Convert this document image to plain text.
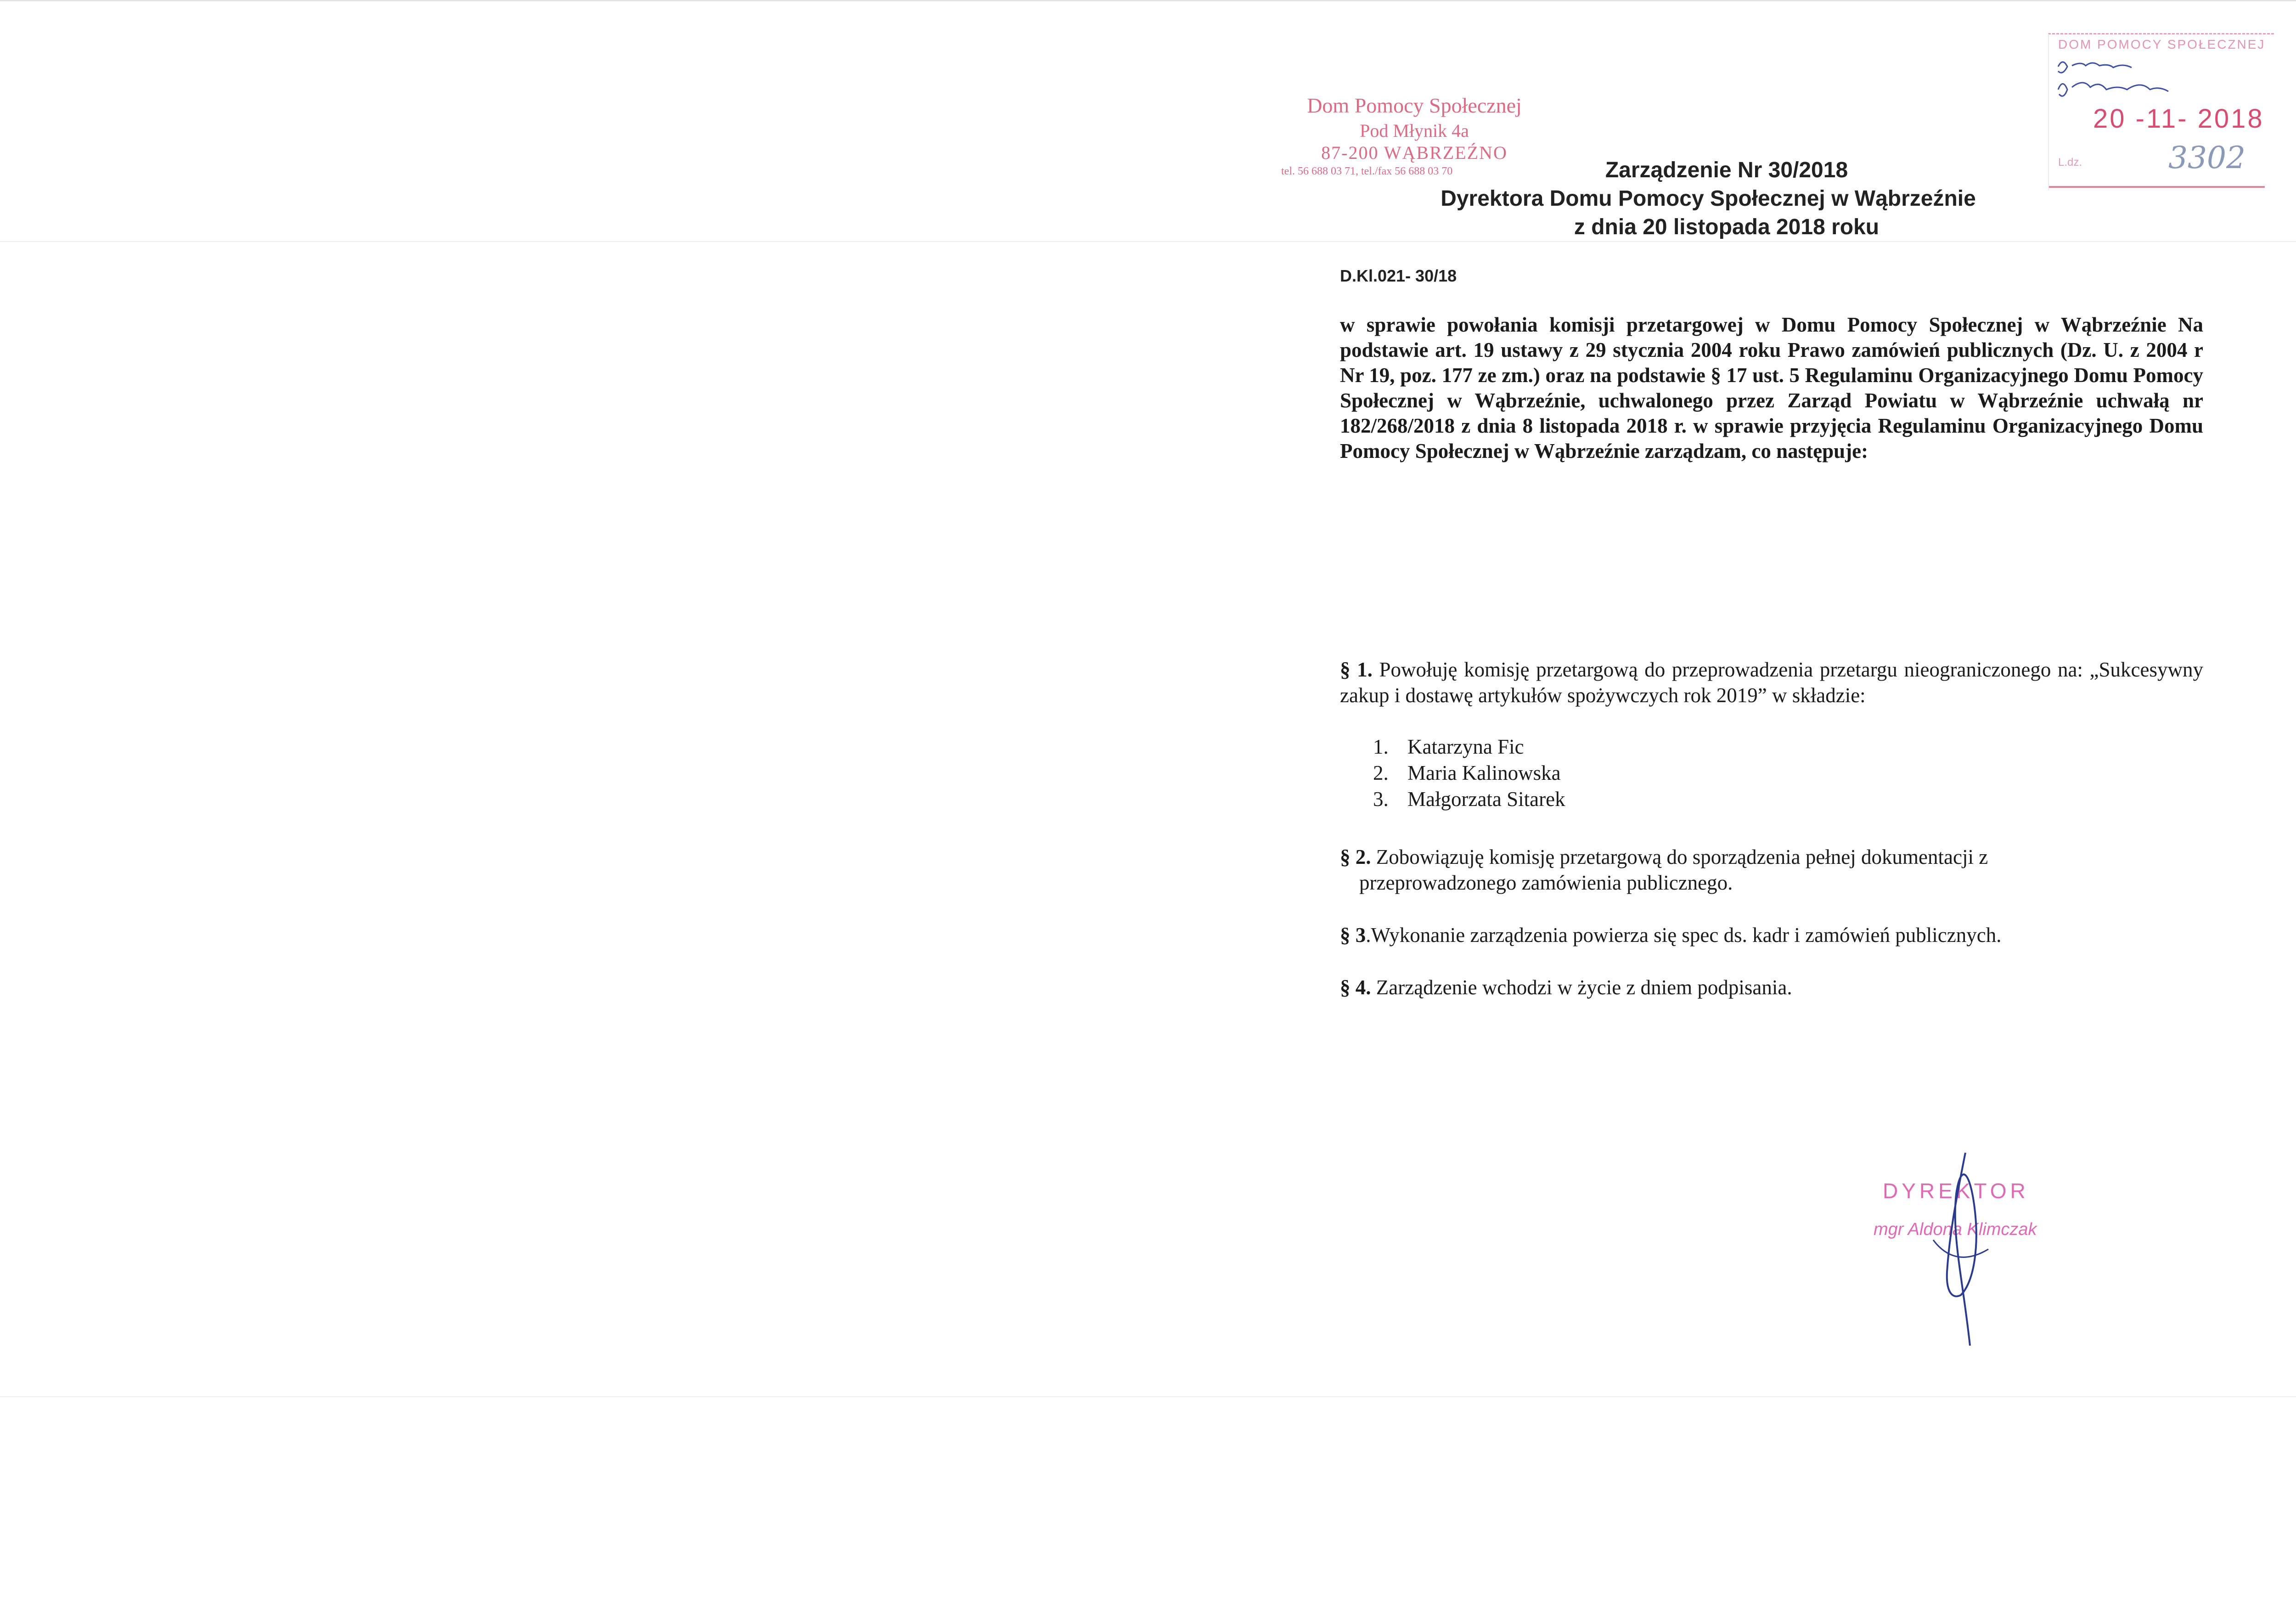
Dom Pomocy Społecznej
Pod Młynik 4a
87-200 WĄBRZEŹNO
tel. 56 688 03 71, tel./fax 56 688 03 70	Zarządzenie Nr 30/2018
Dyrektora Domu Pomocy Społecznej w Wąbrzeźnie
z dnia 20 listopada 2018 roku
DOM POMOCY SPOŁECZNEJ
20 -11- 2018
L.dz.	3302
D.Kl.021- 30/18
w sprawie powołania komisji przetargowej w Domu Pomocy Społecznej w Wąbrzeźnie Na podstawie art. 19 ustawy z 29 stycznia 2004 roku Prawo zamówień publicznych (Dz. U. z 2004 r Nr 19, poz. 177 ze zm.) oraz na podstawie § 17 ust. 5 Regulaminu Organizacyjnego Domu Pomocy Społecznej w Wąbrzeźnie, uchwalonego przez Zarząd Powiatu w Wąbrzeźnie uchwałą nr 182/268/2018 z dnia 8 listopada 2018 r. w sprawie przyjęcia Regulaminu Organizacyjnego Domu Pomocy Społecznej w Wąbrzeźnie zarządzam, co następuje:
§ 1. Powołuję komisję przetargową do przeprowadzenia przetargu nieograniczonego na: „Sukcesywny zakup i dostawę artykułów spożywczych rok 2019” w składzie:
1. Katarzyna Fic
2. Maria Kalinowska
3. Małgorzata Sitarek
§ 2. Zobowiązuję komisję przetargową do sporządzenia pełnej dokumentacji z
przeprowadzonego zamówienia publicznego.
§ 3.Wykonanie zarządzenia powierza się spec ds. kadr i zamówień publicznych.
§ 4. Zarządzenie wchodzi w życie z dniem podpisania.
DYREKTOR
mgr Aldona Klimczak
